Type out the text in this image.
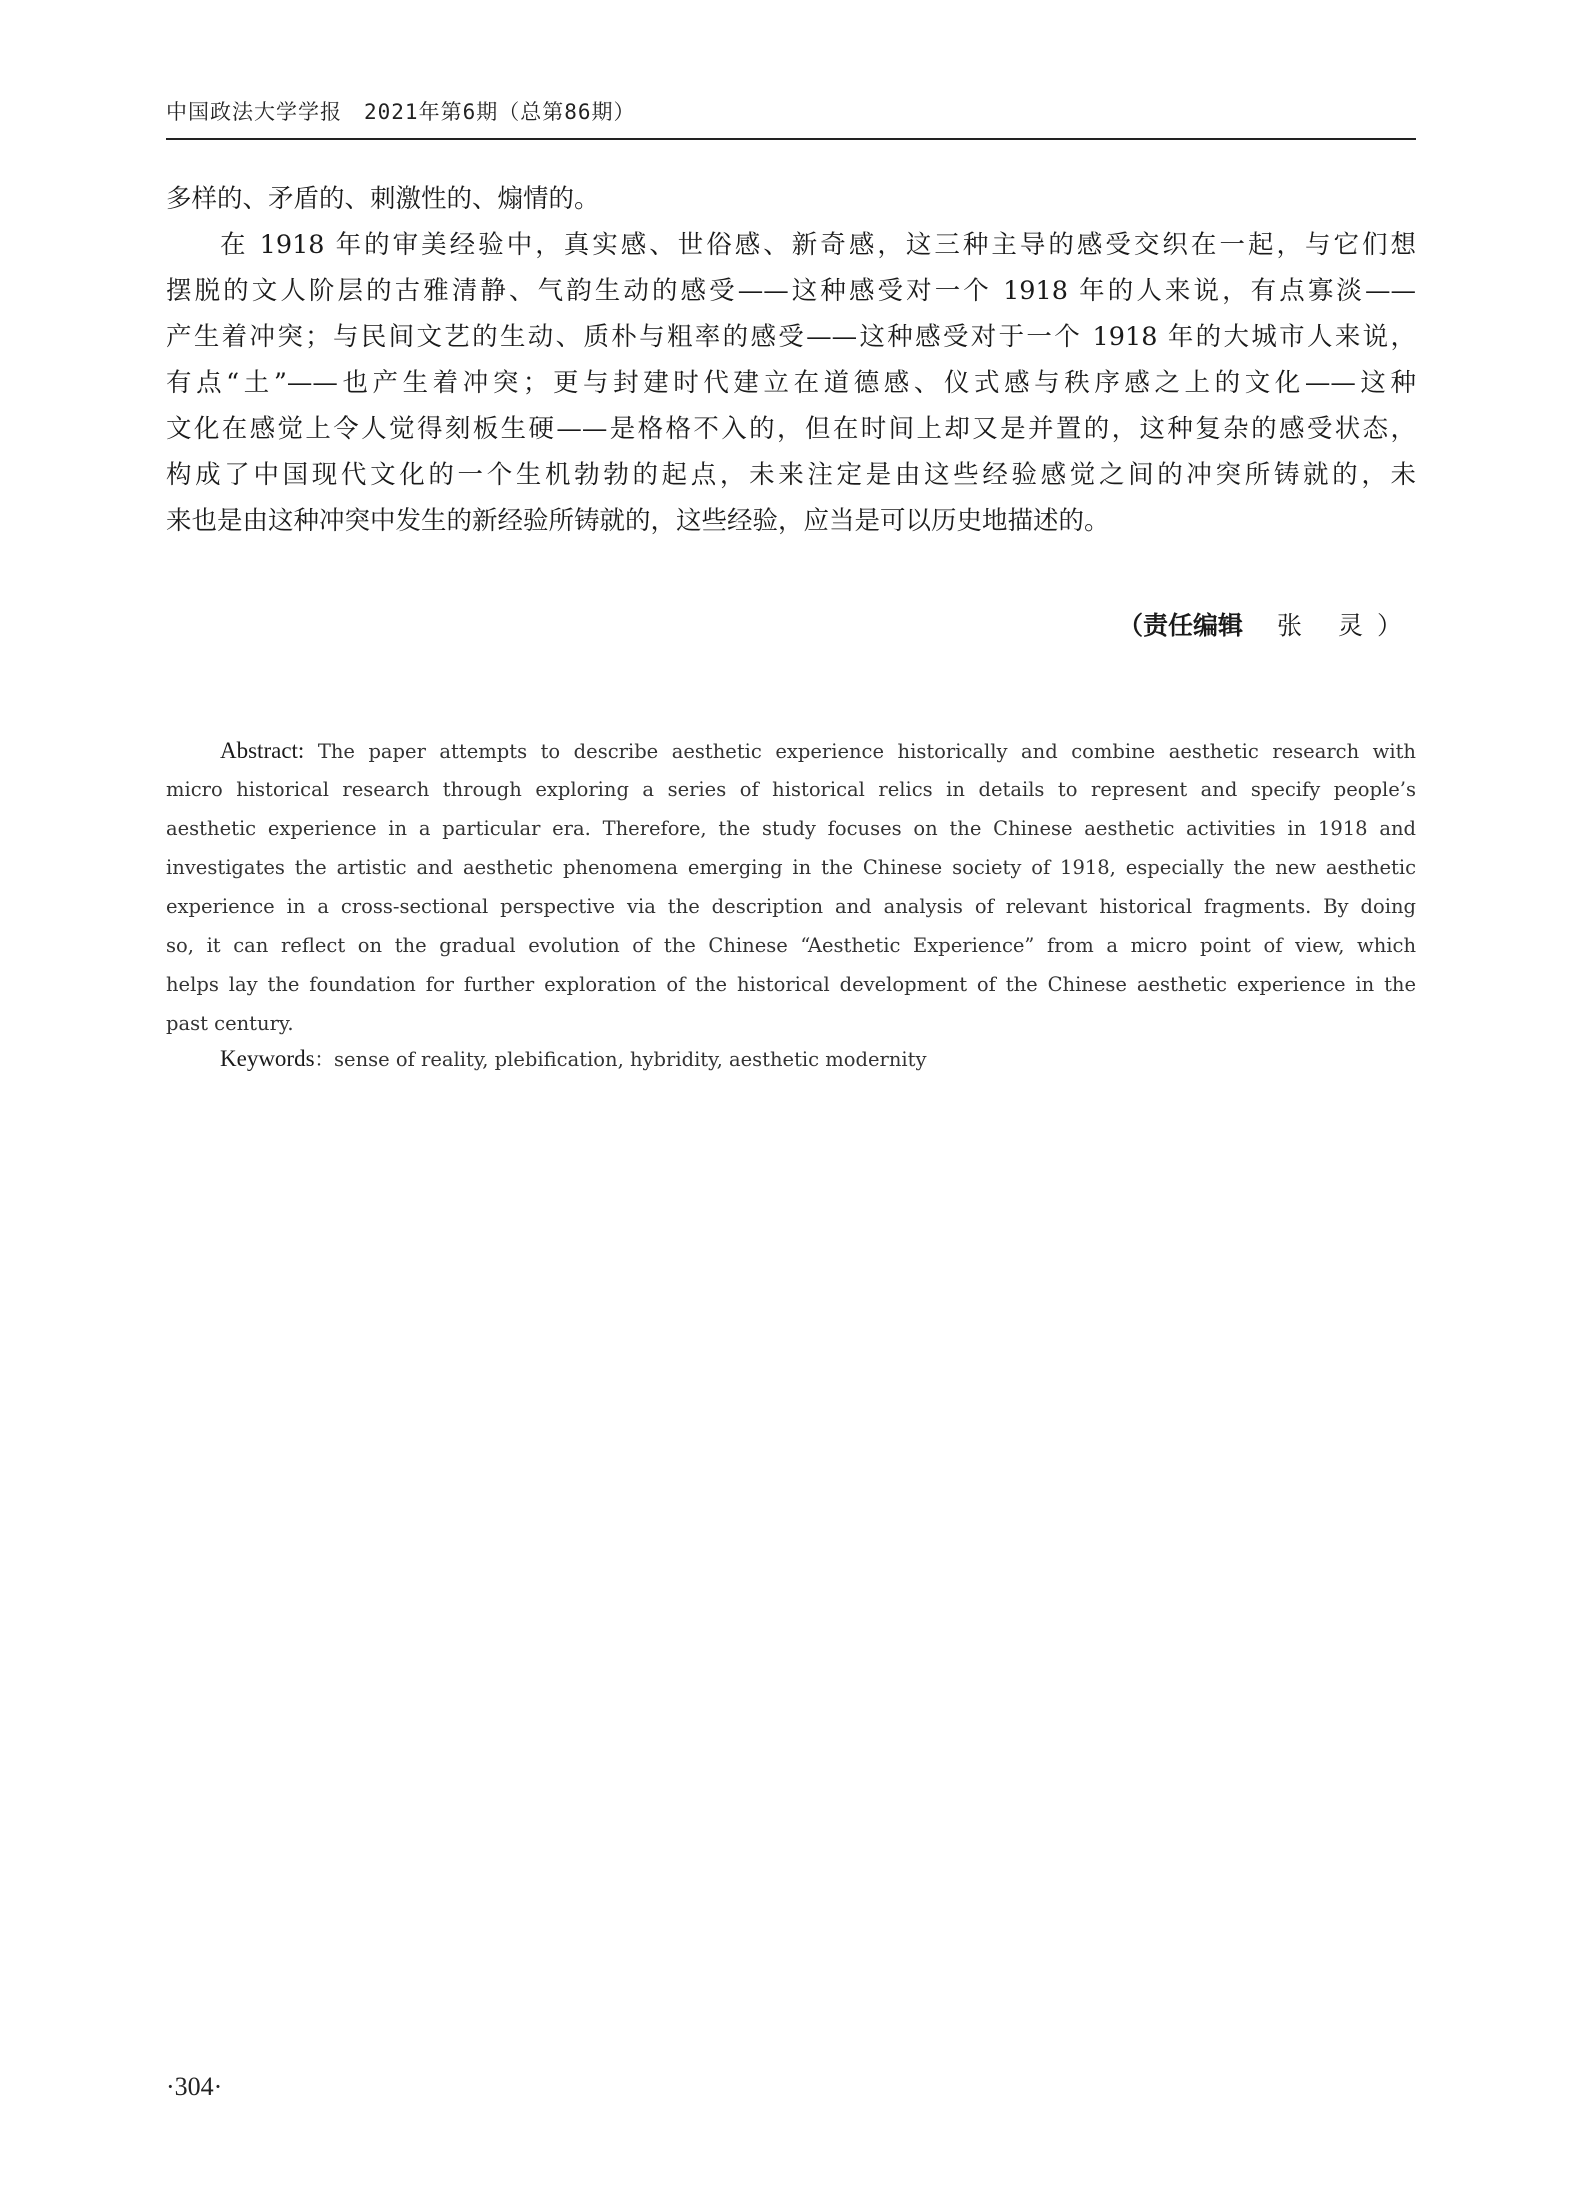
中国政法大学学报 2021年第6期（总第86期）
多样的、矛盾的、刺激性的、煽情的。
在 1918 年的审美经验中，真实感、世俗感、新奇感，这三种主导的感受交织在一起，与它们想
摆脱的文人阶层的古雅清静、气韵生动的感受——这种感受对一个 1918 年的人来说，有点寡淡——
产生着冲突；与民间文艺的生动、质朴与粗率的感受——这种感受对于一个 1918 年的大城市人来说，
有点“土”——也产生着冲突；更与封建时代建立在道德感、仪式感与秩序感之上的文化——这种
文化在感觉上令人觉得刻板生硬——是格格不入的，但在时间上却又是并置的，这种复杂的感受状态，
构成了中国现代文化的一个生机勃勃的起点，未来注定是由这些经验感觉之间的冲突所铸就的，未
来也是由这种冲突中发生的新经验所铸就的，这些经验，应当是可以历史地描述的。
（责任编辑 张 灵）
Abstract: The paper attempts to describe aesthetic experience historically and combine aesthetic research with
micro historical research through exploring a series of historical relics in details to represent and specify people’s
aesthetic experience in a particular era. Therefore, the study focuses on the Chinese aesthetic activities in 1918 and
investigates the artistic and aesthetic phenomena emerging in the Chinese society of 1918, especially the new aesthetic
experience in a cross-sectional perspective via the description and analysis of relevant historical fragments. By doing
so, it can reflect on the gradual evolution of the Chinese “Aesthetic Experience” from a micro point of view, which
helps lay the foundation for further exploration of the historical development of the Chinese aesthetic experience in the
past century.
Keywords：sense of reality, plebification, hybridity, aesthetic modernity
·304·
